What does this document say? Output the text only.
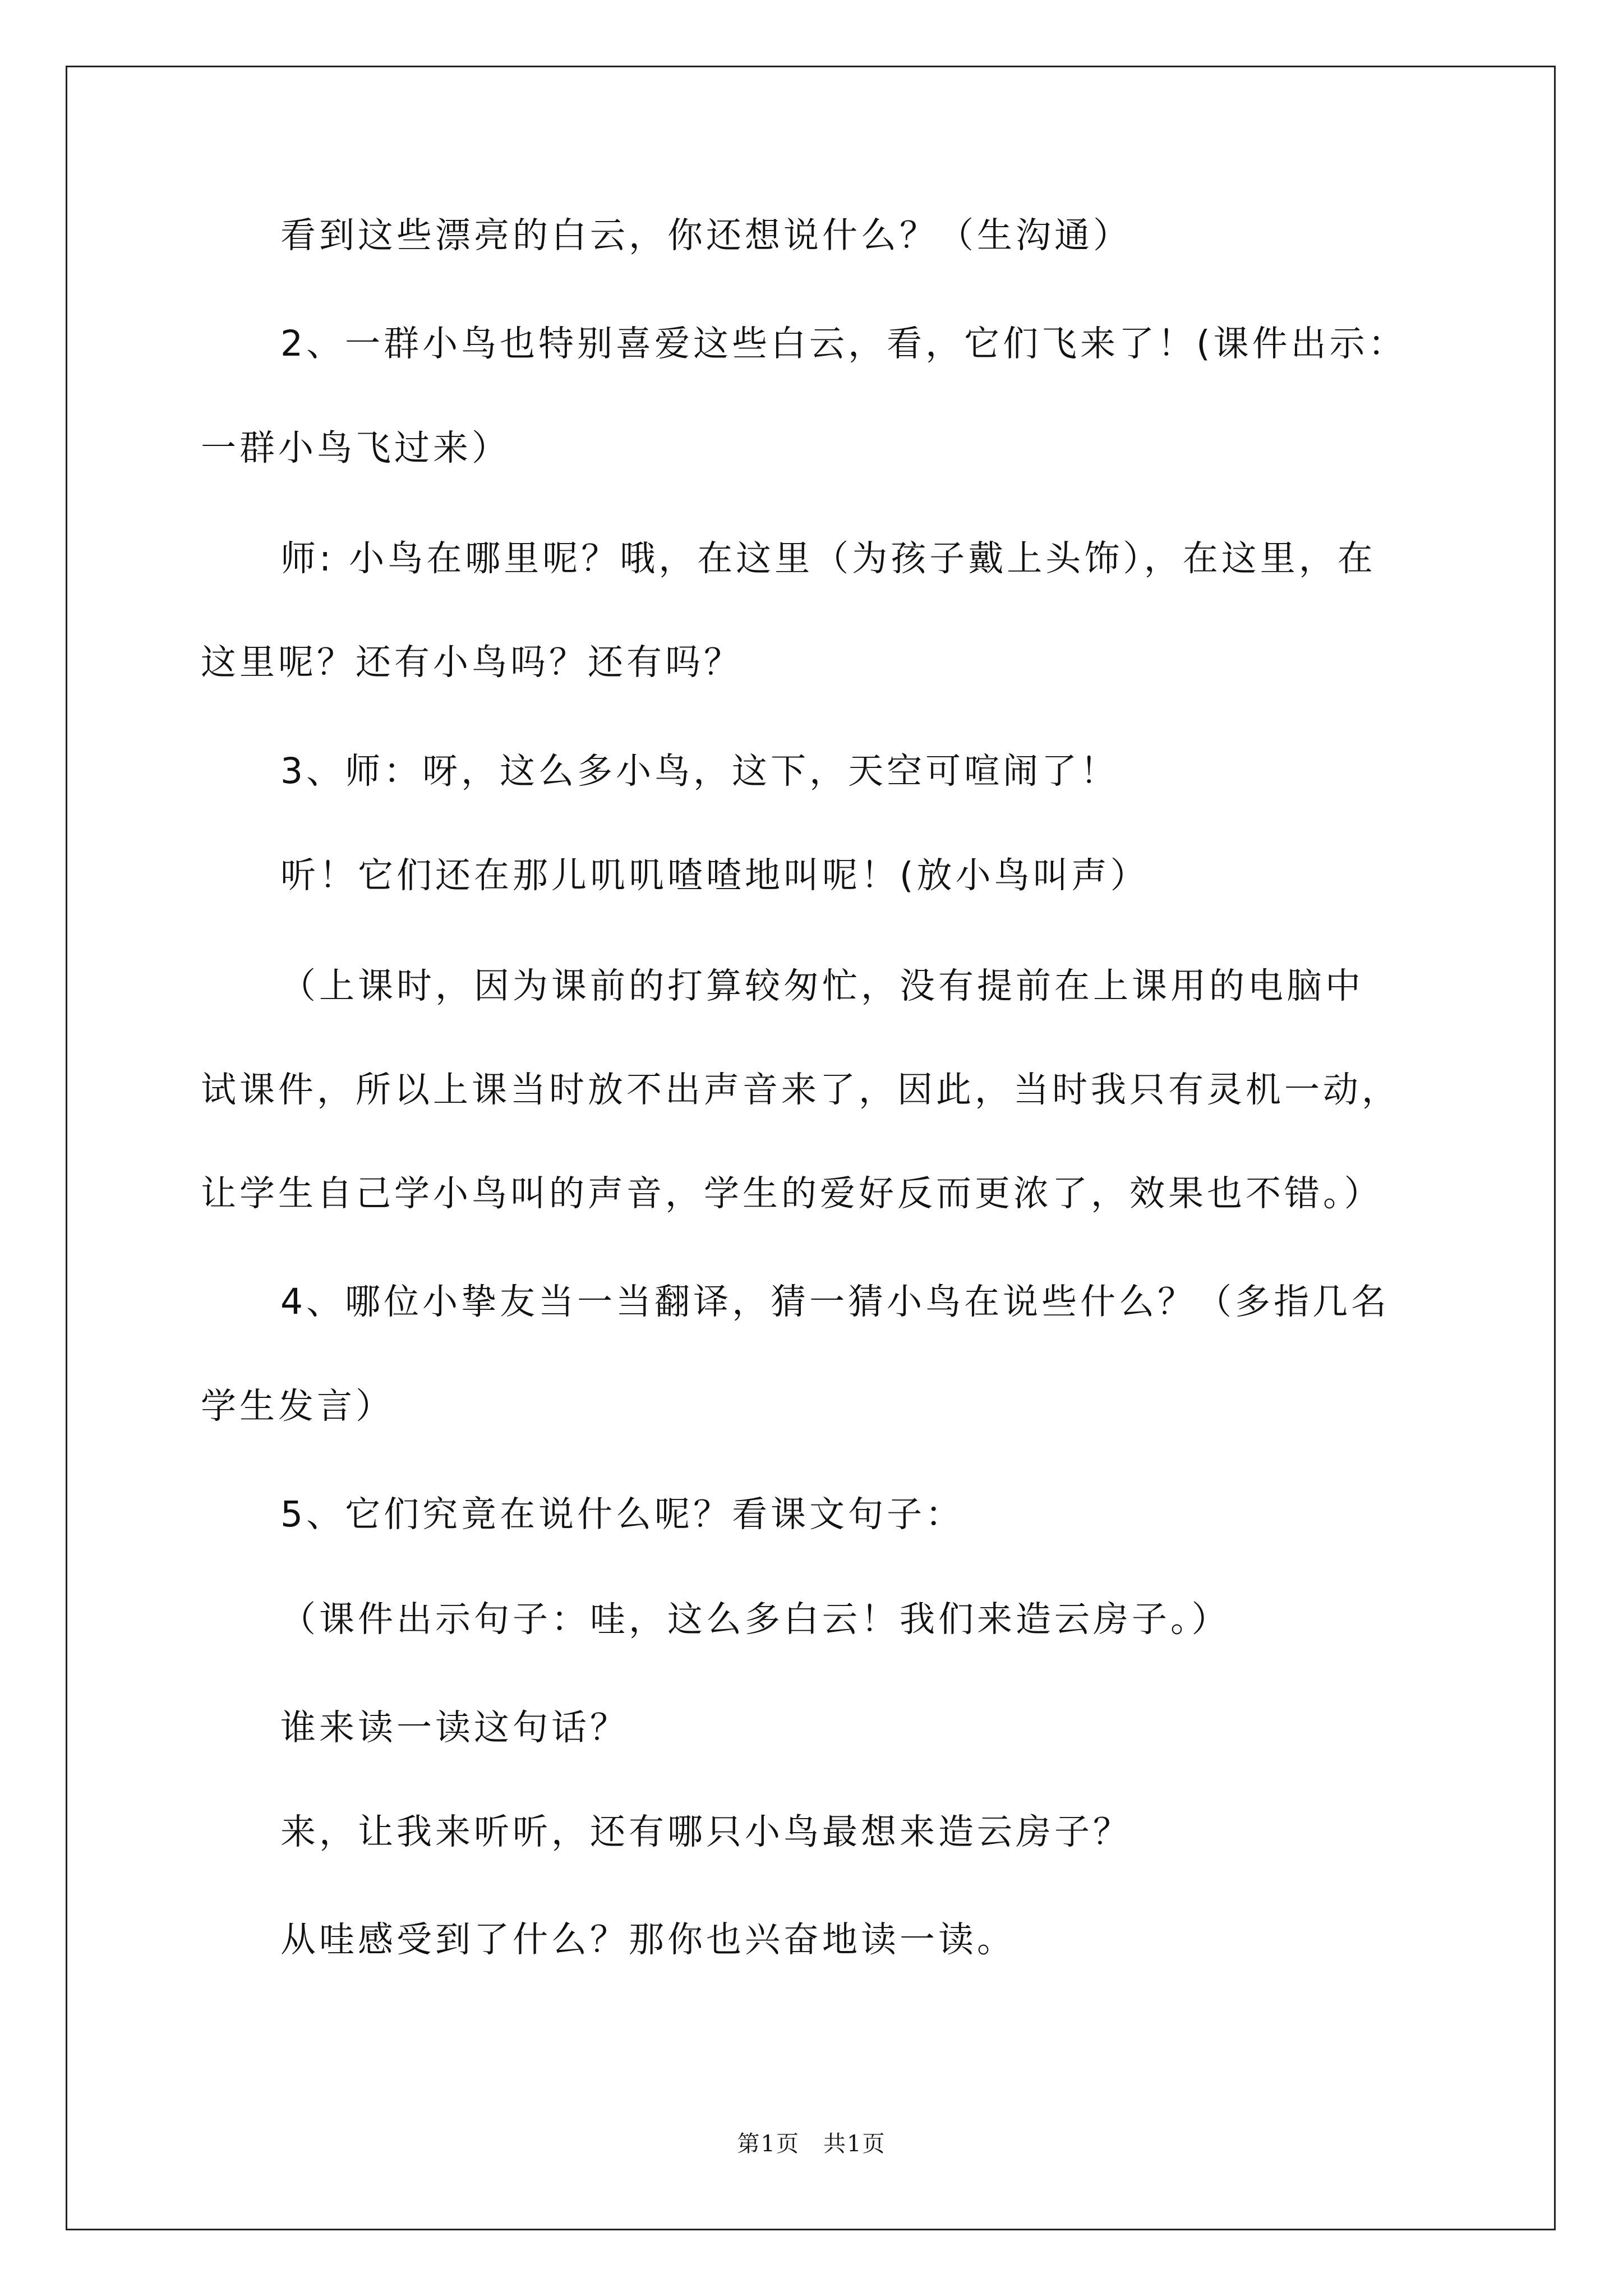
看到这些漂亮的白云，你还想说什么？（生沟通）
2、一群小鸟也特别喜爱这些白云，看，它们飞来了！(课件出示：
一群小鸟飞过来）
师: 小鸟在哪里呢？哦，在这里（为孩子戴上头饰），在这里，在
这里呢？还有小鸟吗？还有吗？
3、师：呀，这么多小鸟，这下，天空可喧闹了！
听！它们还在那儿叽叽喳喳地叫呢！(放小鸟叫声）
（上课时，因为课前的打算较匆忙，没有提前在上课用的电脑中
试课件，所以上课当时放不出声音来了，因此，当时我只有灵机一动，
让学生自己学小鸟叫的声音，学生的爱好反而更浓了，效果也不错。）
4、哪位小挚友当一当翻译，猜一猜小鸟在说些什么？（多指几名
学生发言）
5、它们究竟在说什么呢？看课文句子：
（课件出示句子：哇，这么多白云！我们来造云房子。）
谁来读一读这句话？
来，让我来听听，还有哪只小鸟最想来造云房子？
从哇感受到了什么？那你也兴奋地读一读。
第1页　共1页
